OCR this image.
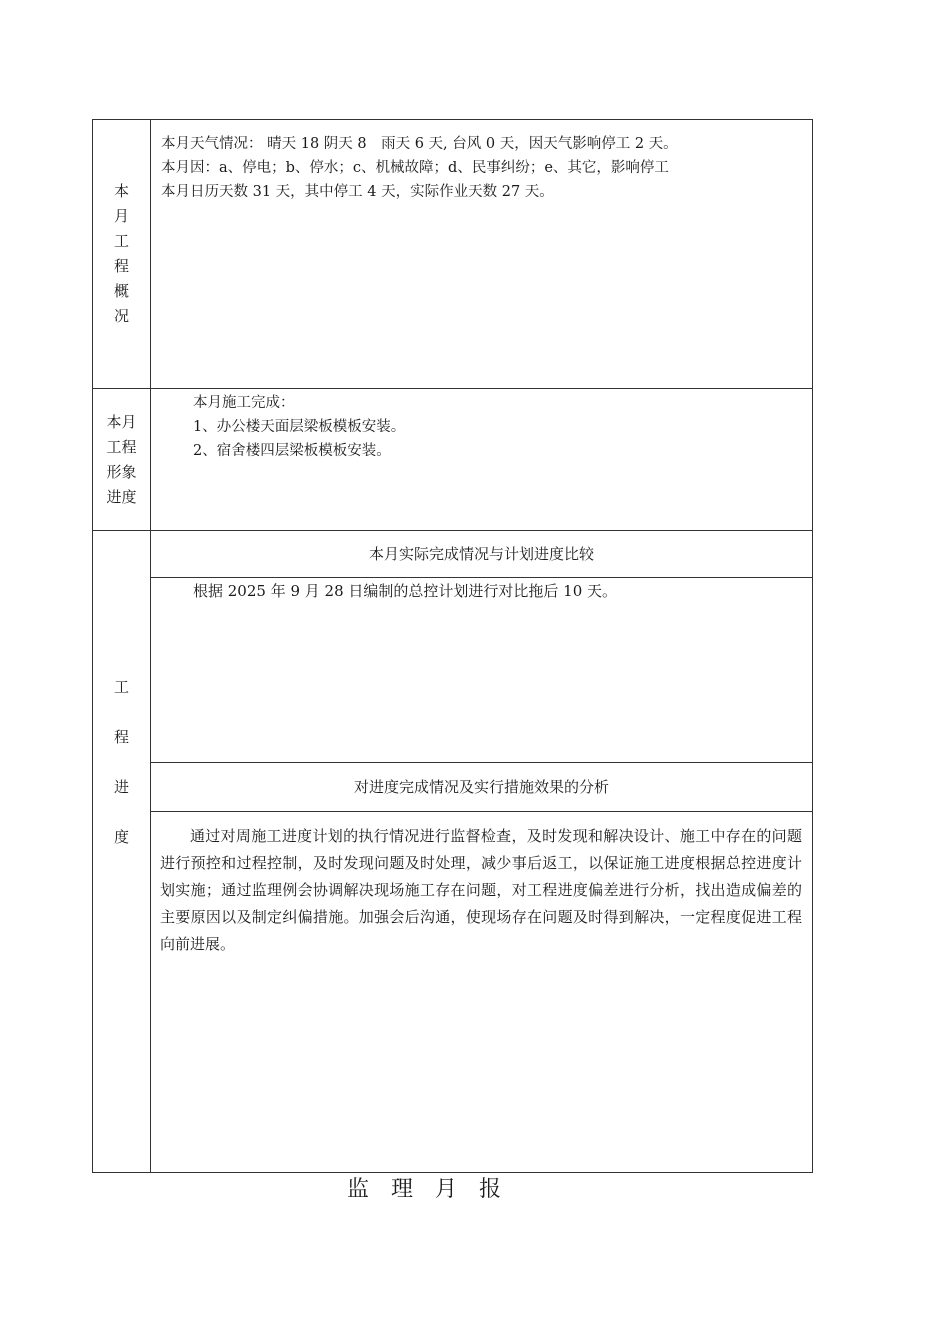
本
月
工
程
概
况
本月天气情况： 晴天 18 阴天 8　雨天 6 天, 台风 0 天，因天气影响停工 2 天。
本月因：a、停电；b、停水；c、机械故障；d、民事纠纷；e、其它，影响停工
本月日历天数 31 天，其中停工 4 天，实际作业天数 27 天。
本月
工程
形象
进度
本月施工完成：
1、办公楼天面层梁板模板安装。
2、宿舍楼四层梁板模板安装。
工
程
进
度
本月实际完成情况与计划进度比较
根据 2025 年 9 月 28 日编制的总控计划进行对比拖后 10 天。
对进度完成情况及实行措施效果的分析
通过对周施工进度计划的执行情况进行监督检查，及时发现和解决设计、施工中存在的问题进行预控和过程控制，及时发现问题及时处理，减少事后返工，以保证施工进度根据总控进度计划实施；通过监理例会协调解决现场施工存在问题，对工程进度偏差进行分析，找出造成偏差的主要原因以及制定纠偏措施。加强会后沟通，使现场存在问题及时得到解决，一定程度促进工程向前进展。
监理月报
